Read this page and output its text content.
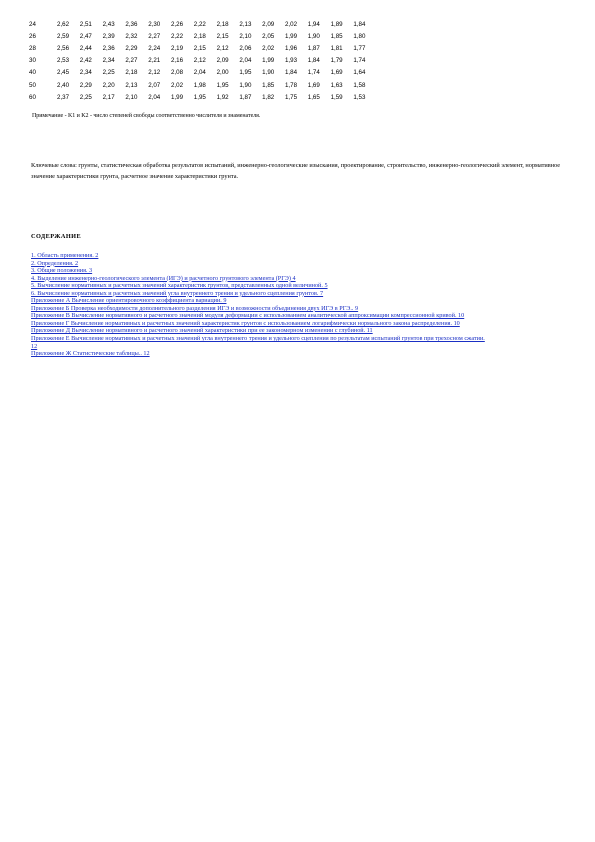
24	2,62	2,51	2,43	2,36	2,30	2,26	2,22	2,18	2,13	2,09	2,02	1,94	1,89	1,84
26	2,59	2,47	2,39	2,32	2,27	2,22	2,18	2,15	2,10	2,05	1,99	1,90	1,85	1,80
28	2,56	2,44	2,36	2,29	2,24	2,19	2,15	2,12	2,06	2,02	1,96	1,87	1,81	1,77
30	2,53	2,42	2,34	2,27	2,21	2,16	2,12	2,09	2,04	1,99	1,93	1,84	1,79	1,74
40	2,45	2,34	2,25	2,18	2,12	2,08	2,04	2,00	1,95	1,90	1,84	1,74	1,69	1,64
50	2,40	2,29	2,20	2,13	2,07	2,02	1,98	1,95	1,90	1,85	1,78	1,69	1,63	1,58
60	2,37	2,25	2,17	2,10	2,04	1,99	1,95	1,92	1,87	1,82	1,75	1,65	1,59	1,53
Примечание - K1 и K2 - число степеней свободы соответственно числителя и знаменателя.
Ключевые слова: грунты, статистическая обработка результатов испытаний, инженерно-геологические изыскания, проектирование, строительство, инженерно-геологический элемент, нормативное значение характеристики грунта, расчетное значение характеристики грунта.
СОДЕРЖАНИЕ
1. Область применения. 2
2. Определения. 2
3. Общие положения. 3
4. Выделение инженерно-геологического элемента (ИГЭ) и расчетного грунтового элемента (РГЭ) 4
5. Вычисление нормативных и расчетных значений характеристик грунтов, представленных одной величиной. 5
6. Вычисление нормативных и расчетных значений угла внутреннего трения и удельного сцепления грунтов. 7
Приложение А Вычисление ориентировочного коэффициента вариации. 9
Приложение Б Проверка необходимости дополнительного разделения ИГЭ и возможности объединения двух ИГЭ в РГЭ.. 9
Приложение В Вычисление нормативного и расчетного значений модуля деформации с использованием аналитической аппроксимации компрессионной кривой. 10
Приложение Г Вычисление нормативных и расчетных значений характеристик грунтов с использованием логарифмически нормального закона распределения. 10
Приложение Д Вычисление нормативного и расчетного значений характеристики при ее закономерном изменении с глубиной. 11
Приложение Е Вычисление нормативных и расчетных значений угла внутреннего трения и удельного сцепления по результатам испытаний грунтов при трехосном сжатии. 12
Приложение Ж Статистические таблицы.. 12
